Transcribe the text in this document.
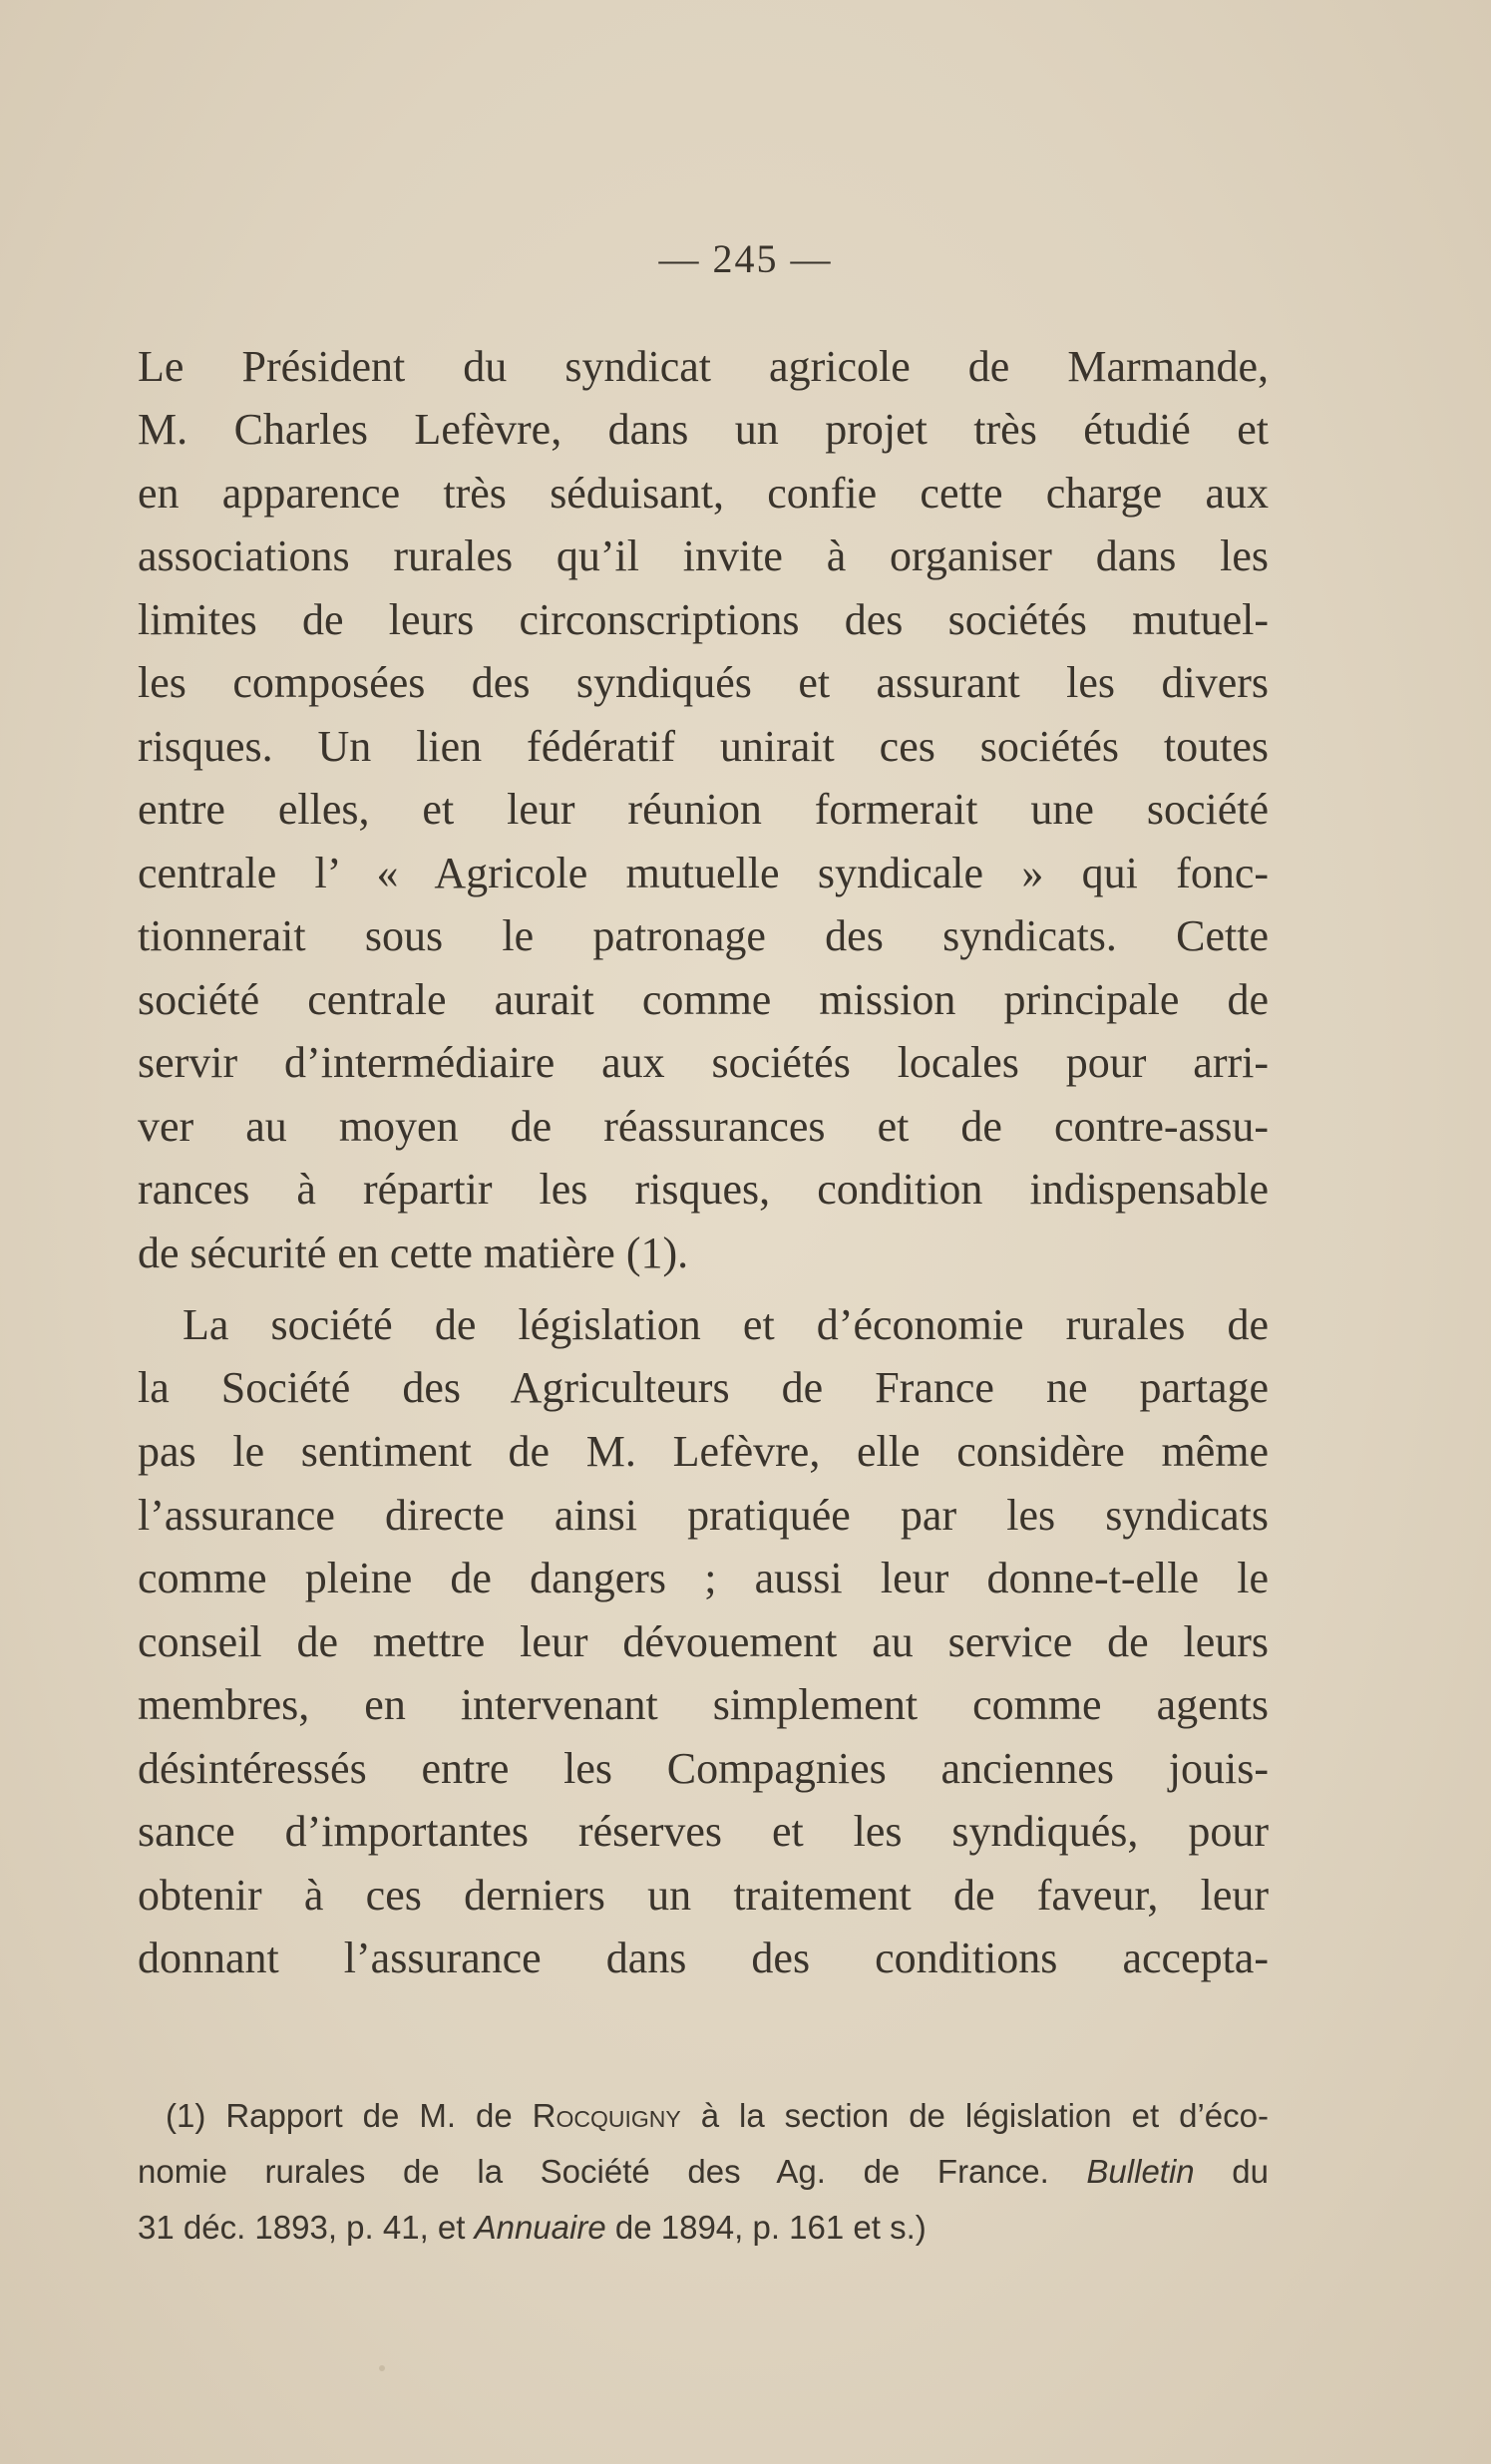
— 245 —
Le Président du syndicat agricole de Marmande,
M. Charles Lefèvre, dans un projet très étudié et
en apparence très séduisant, confie cette charge aux
associations rurales qu’il invite à organiser dans les
limites de leurs circonscriptions des sociétés mutuel-
les composées des syndiqués et assurant les divers
risques. Un lien fédératif unirait ces sociétés toutes
entre elles, et leur réunion formerait une société
centrale l’ « Agricole mutuelle syndicale » qui fonc-
tionnerait sous le patronage des syndicats. Cette
société centrale aurait comme mission principale de
servir d’intermédiaire aux sociétés locales pour arri-
ver au moyen de réassurances et de contre-assu-
rances à répartir les risques, condition indispensable
de sécurité en cette matière (1).
La société de législation et d’économie rurales de
la Société des Agriculteurs de France ne partage
pas le sentiment de M. Lefèvre, elle considère même
l’assurance directe ainsi pratiquée par les syndicats
comme pleine de dangers ; aussi leur donne-t-elle le
conseil de mettre leur dévouement au service de leurs
membres, en intervenant simplement comme agents
désintéressés entre les Compagnies anciennes jouis-
sance d’importantes réserves et les syndiqués, pour
obtenir à ces derniers un traitement de faveur, leur
donnant l’assurance dans des conditions accepta-
(1) Rapport de M. de Rocquigny à la section de législation et d’éco-
nomie rurales de la Société des Ag. de France. Bulletin du
31 déc. 1893, p. 41, et Annuaire de 1894, p. 161 et s.)
